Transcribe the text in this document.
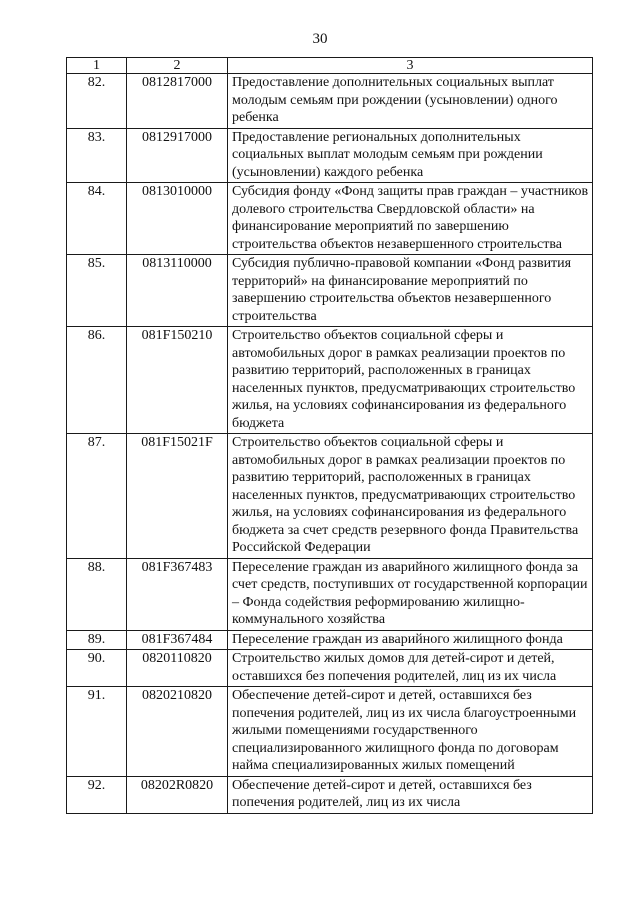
30
1	2	3
82.	0812817000	Предоставление дополнительных социальных выплат молодым семьям при рождении (усыновлении) одного ребенка
83.	0812917000	Предоставление региональных дополнительных социальных выплат молодым семьям при рождении (усыновлении) каждого ребенка
84.	0813010000	Субсидия фонду «Фонд защиты прав граждан – участников долевого строительства Свердловской области» на финансирование мероприятий по завершению строительства объектов незавершенного строительства
85.	0813110000	Субсидия публично-правовой компании «Фонд развития территорий» на финансирование мероприятий по завершению строительства объектов незавершенного строительства
86.	081F150210	Строительство объектов социальной сферы и автомобильных дорог в рамках реализации проектов по развитию территорий, расположенных в границах населенных пунктов, предусматривающих строительство жилья, на условиях софинансирования из федерального бюджета
87.	081F15021F	Строительство объектов социальной сферы и автомобильных дорог в рамках реализации проектов по развитию территорий, расположенных в границах населенных пунктов, предусматривающих строительство жилья, на условиях софинансирования из федерального бюджета за счет средств резервного фонда Правительства Российской Федерации
88.	081F367483	Переселение граждан из аварийного жилищного фонда за счет средств, поступивших от государственной корпорации – Фонда содействия реформированию жилищно-коммунального хозяйства
89.	081F367484	Переселение граждан из аварийного жилищного фонда
90.	0820110820	Строительство жилых домов для детей-сирот и детей, оставшихся без попечения родителей, лиц из их числа
91.	0820210820	Обеспечение детей-сирот и детей, оставшихся без попечения родителей, лиц из их числа благоустроенными жилыми помещениями государственного специализированного жилищного фонда по договорам найма специализированных жилых помещений
92.	08202R0820	Обеспечение детей-сирот и детей, оставшихся без попечения родителей, лиц из их числа
